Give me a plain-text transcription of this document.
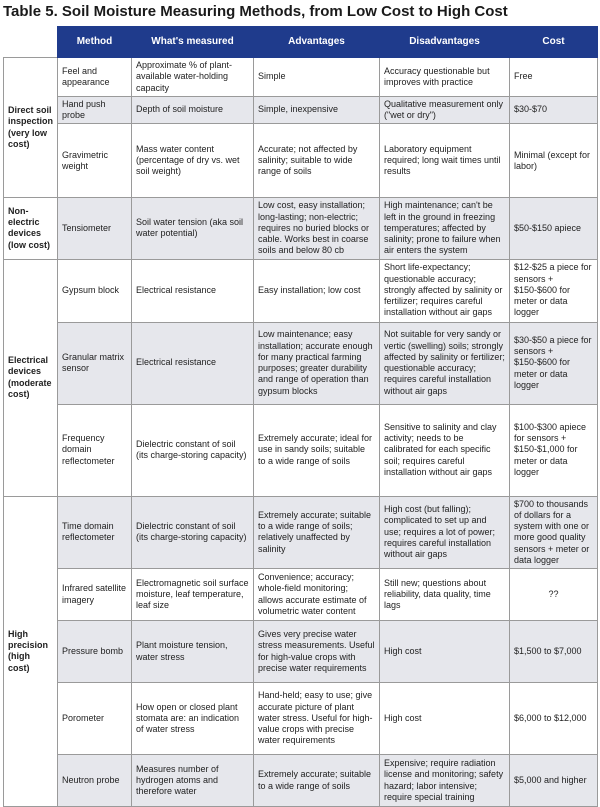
Table 5. Soil Moisture Measuring Methods, from Low Cost to High Cost
	Method	What's measured	Advantages	Disadvantages	Cost
Direct soil inspection (very low cost)	Feel and appearance	Approximate % of plant-available water-holding capacity	Simple	Accuracy questionable but improves with practice	Free
	Hand push probe	Depth of soil moisture	Simple, inexpensive	Qualitative measurement only ("wet or dry")	$30-$70
	Gravimetric weight	Mass water content (percentage of dry vs. wet soil weight)	Accurate; not affected by salinity; suitable to wide range of soils	Laboratory equipment required; long wait times until results	Minimal (except for labor)
Non-electric devices (low cost)	Tensiometer	Soil water tension (aka soil water potential)	Low cost, easy installation; long-lasting; non-electric; requires no buried blocks or cable. Works best in coarse soils and below 80 cb	High maintenance; can't be left in the ground in freezing temperatures; affected by salinity; prone to failure when air enters the system	$50-$150 apiece
Electrical devices (moderate cost)	Gypsum block	Electrical resistance	Easy installation; low cost	Short life-expectancy; questionable accuracy; strongly affected by salinity or fertilizer; requires careful installation without air gaps	$12-$25 a piece for sensors + $150-$600 for meter or data logger
	Granular matrix sensor	Electrical resistance	Low maintenance; easy installation; accurate enough for many practical farming purposes; greater durability and range of operation than gypsum blocks	Not suitable for very sandy or vertic (swelling) soils; strongly affected by salinity or fertilizer; questionable accuracy; requires careful installation without air gaps	$30-$50 a piece for sensors + $150-$600 for meter or data logger
	Frequency domain reflectometer	Dielectric constant of soil (its charge-storing capacity)	Extremely accurate; ideal for use in sandy soils; suitable to a wide range of soils	Sensitive to salinity and clay activity; needs to be calibrated for each specific soil; requires careful installation without air gaps	$100-$300 apiece for sensors + $150-$1,000 for meter or data logger
High precision (high cost)	Time domain reflectometer	Dielectric constant of soil (its charge-storing capacity)	Extremely accurate; suitable to a wide range of soils; relatively unaffected by salinity	High cost (but falling); complicated to set up and use; requires a lot of power; requires careful installation without air gaps	$700 to thousands of dollars for a system with one or more good quality sensors + meter or data logger
	Infrared satellite imagery	Electromagnetic soil surface moisture, leaf temperature, leaf size	Convenience; accuracy; whole-field monitoring; allows accurate estimate of volumetric water content	Still new; questions about reliability, data quality, time lags	??
	Pressure bomb	Plant moisture tension, water stress	Gives very precise water stress measurements. Useful for high-value crops with precise water requirements	High cost	$1,500 to $7,000
	Porometer	How open or closed plant stomata are: an indication of water stress	Hand-held; easy to use; give accurate picture of plant water stress. Useful for high-value crops with precise water requirements	High cost	$6,000 to $12,000
	Neutron probe	Measures number of hydrogen atoms and therefore water	Extremely accurate; suitable to a wide range of soils	Expensive; require radiation license and monitoring; safety hazard; labor intensive; require special training	$5,000 and higher
